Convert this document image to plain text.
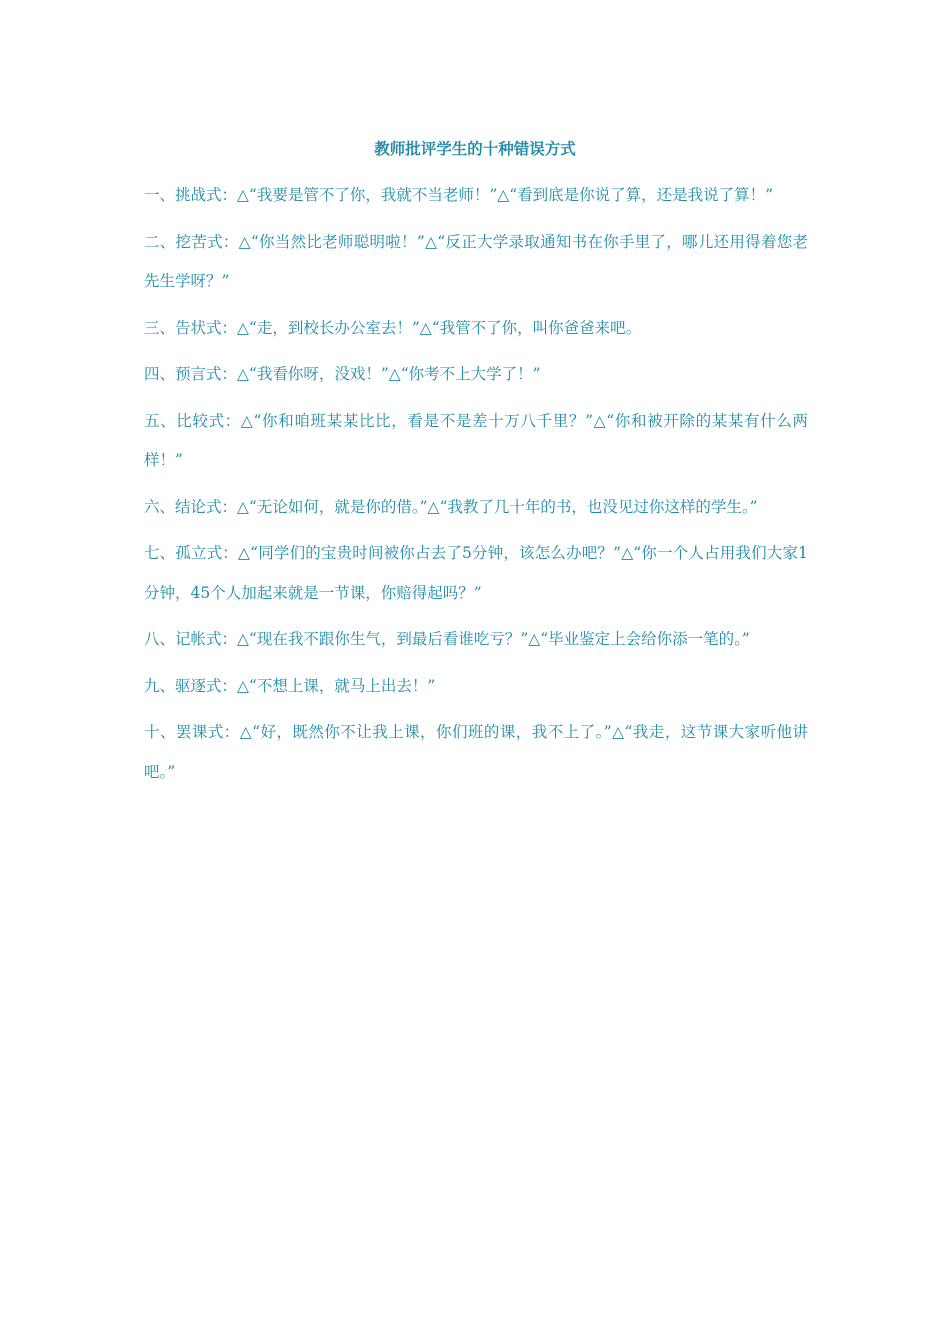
教师批评学生的十种错误方式

一、挑战式：△“我要是管不了你，我就不当老师！”△“看到底是你说了算，还是我说了算！”

二、挖苦式：△“你当然比老师聪明啦！”△“反正大学录取通知书在你手里了，哪儿还用得着您老先生学呀？”

三、告状式：△“走，到校长办公室去！”△“我管不了你，叫你爸爸来吧。

四、预言式：△“我看你呀，没戏！”△“你考不上大学了！”

五、比较式：△“你和咱班某某比比，看是不是差十万八千里？”△“你和被开除的某某有什么两样！”

六、结论式：△“无论如何，就是你的借。”△“我教了几十年的书，也没见过你这样的学生。”

七、孤立式：△“同学们的宝贵时间被你占去了5分钟，该怎么办吧？”△“你一个人占用我们大家1分钟，45个人加起来就是一节课，你赔得起吗？”

八、记帐式：△“现在我不跟你生气，到最后看谁吃亏？”△“毕业鉴定上会给你添一笔的。”

九、驱逐式：△“不想上课，就马上出去！”

十、罢课式：△“好，既然你不让我上课，你们班的课，我不上了。”△“我走，这节课大家听他讲吧。”
